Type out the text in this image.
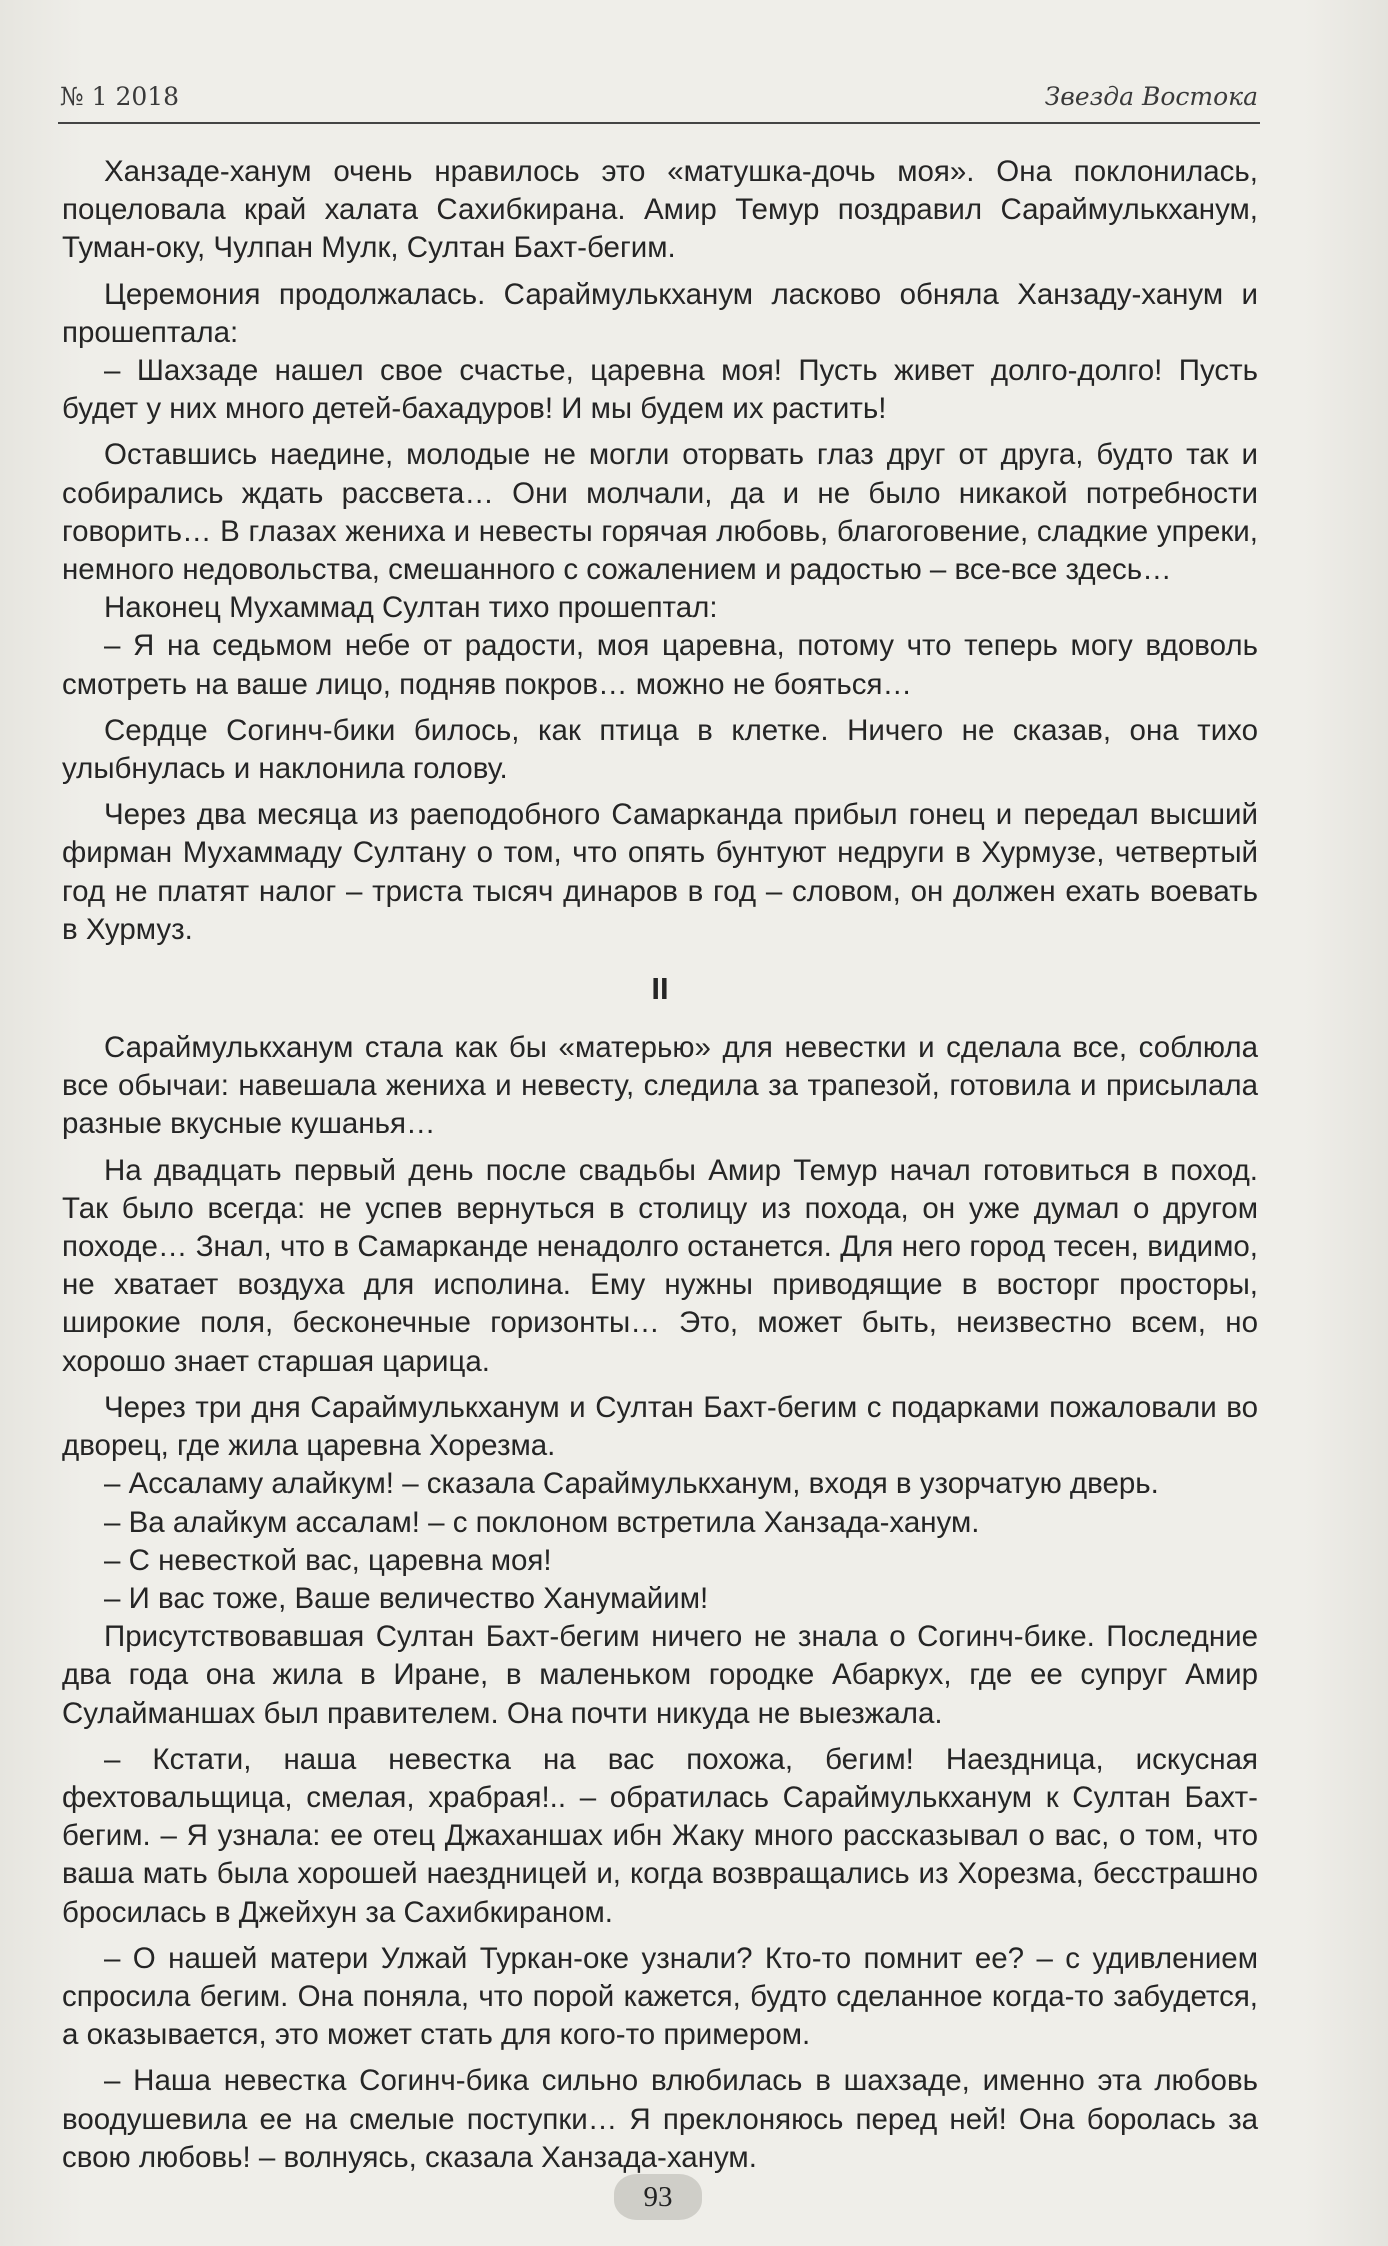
№ 1 2018	Звезда Востока

Ханзаде-ханум очень нравилось это «матушка-дочь моя». Она поклонилась, поцеловала край халата Сахибкирана. Амир Темур поздравил Сараймулькханум, Туман-оку, Чулпан Мулк, Султан Бахт-бегим.

Церемония продолжалась. Сараймулькханум ласково обняла Ханзаду-ханум и прошептала:

– Шахзаде нашел свое счастье, царевна моя! Пусть живет долго-долго! Пусть будет у них много детей-бахадуров! И мы будем их растить!

Оставшись наедине, молодые не могли оторвать глаз друг от друга, будто так и собирались ждать рассвета… Они молчали, да и не было никакой потребности говорить… В глазах жениха и невесты горячая любовь, благоговение, сладкие упреки, немного недовольства, смешанного с сожалением и радостью – все-все здесь…

Наконец Мухаммад Султан тихо прошептал:

– Я на седьмом небе от радости, моя царевна, потому что теперь могу вдоволь смотреть на ваше лицо, подняв покров… можно не бояться…

Сердце Согинч-бики билось, как птица в клетке. Ничего не сказав, она тихо улыбнулась и наклонила голову.

Через два месяца из раеподобного Самарканда прибыл гонец и передал высший фирман Мухаммаду Султану о том, что опять бунтуют недруги в Хурмузе, четвертый год не платят налог – триста тысяч динаров в год – словом, он должен ехать воевать в Хурмуз.

II

Сараймулькханум стала как бы «матерью» для невестки и сделала все, соблюла все обычаи: навешала жениха и невесту, следила за трапезой, готовила и присылала разные вкусные кушанья…

На двадцать первый день после свадьбы Амир Темур начал готовиться в поход. Так было всегда: не успев вернуться в столицу из похода, он уже думал о другом походе… Знал, что в Самарканде ненадолго останется. Для него город тесен, видимо, не хватает воздуха для исполина. Ему нужны приводящие в восторг просторы, широкие поля, бесконечные горизонты… Это, может быть, неизвестно всем, но хорошо знает старшая царица.

Через три дня Сараймулькханум и Султан Бахт-бегим с подарками пожаловали во дворец, где жила царевна Хорезма.

– Ассаламу алайкум! – сказала Сараймулькханум, входя в узорчатую дверь.

– Ва алайкум ассалам! – с поклоном встретила Ханзада-ханум.

– С невесткой вас, царевна моя!

– И вас тоже, Ваше величество Ханумайим!

Присутствовавшая Султан Бахт-бегим ничего не знала о Согинч-бике. Последние два года она жила в Иране, в маленьком городке Абаркух, где ее супруг Амир Сулайманшах был правителем. Она почти никуда не выезжала.

– Кстати, наша невестка на вас похожа, бегим! Наездница, искусная фехтовальщица, смелая, храбрая!.. – обратилась Сараймулькханум к Султан Бахт-бегим. – Я узнала: ее отец Джаханшах ибн Жаку много рассказывал о вас, о том, что ваша мать была хорошей наездницей и, когда возвращались из Хорезма, бесстрашно бросилась в Джейхун за Сахибкираном.

– О нашей матери Улжай Туркан-оке узнали? Кто-то помнит ее? – с удивлением спросила бегим. Она поняла, что порой кажется, будто сделанное когда-то забудется, а оказывается, это может стать для кого-то примером.

– Наша невестка Согинч-бика сильно влюбилась в шахзаде, именно эта любовь воодушевила ее на смелые поступки… Я преклоняюсь перед ней! Она боролась за свою любовь! – волнуясь, сказала Ханзада-ханум.

93
